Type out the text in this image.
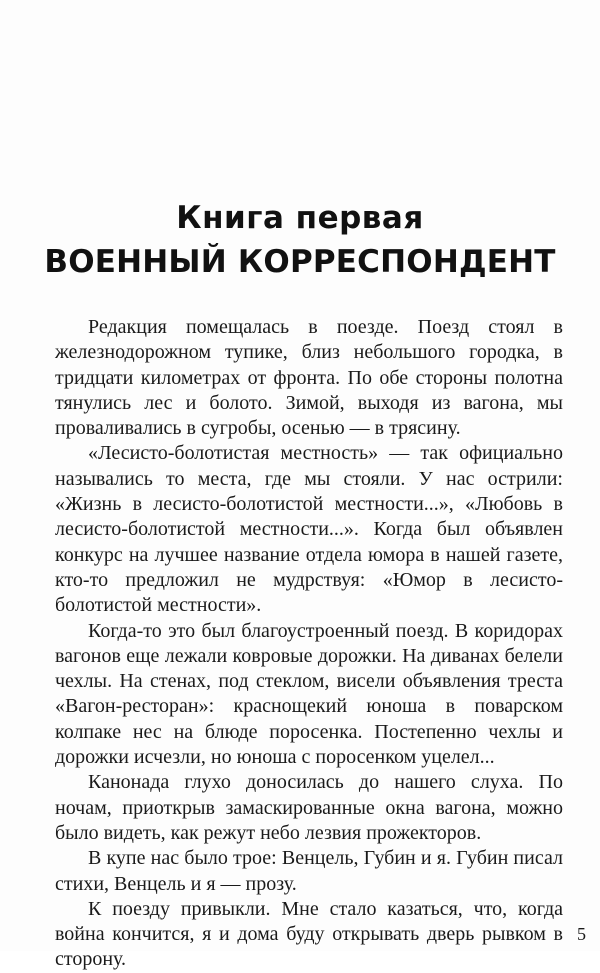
Книга первая
ВОЕННЫЙ КОРРЕСПОНДЕНТ

Редакция помещалась в поезде. Поезд стоял в железнодорожном тупике, близ небольшого городка, в тридцати километрах от фронта. По обе стороны полотна тянулись лес и болото. Зимой, выходя из вагона, мы проваливались в сугробы, осенью — в трясину.

«Лесисто-болотистая местность» — так официально назывались то места, где мы стояли. У нас острили: «Жизнь в лесисто-болотистой местности...», «Любовь в лесисто-болотистой местности...». Когда был объявлен конкурс на лучшее название отдела юмора в нашей газете, кто-то предложил не мудрствуя: «Юмор в лесисто-болотистой местности».

Когда-то это был благоустроенный поезд. В коридорах вагонов еще лежали ковровые дорожки. На диванах белели чехлы. На стенах, под стеклом, висели объявления треста «Вагон-ресторан»: краснощекий юноша в поварском колпаке нес на блюде поросенка. Постепенно чехлы и дорожки исчезли, но юноша с поросенком уцелел...

Канонада глухо доносилась до нашего слуха. По ночам, приоткрыв замаскированные окна вагона, можно было видеть, как режут небо лезвия прожекторов.

В купе нас было трое: Венцель, Губин и я. Губин писал стихи, Венцель и я — прозу.

К поезду привыкли. Мне стало казаться, что, когда война кончится, я и дома буду открывать дверь рывком в сторону.

5
